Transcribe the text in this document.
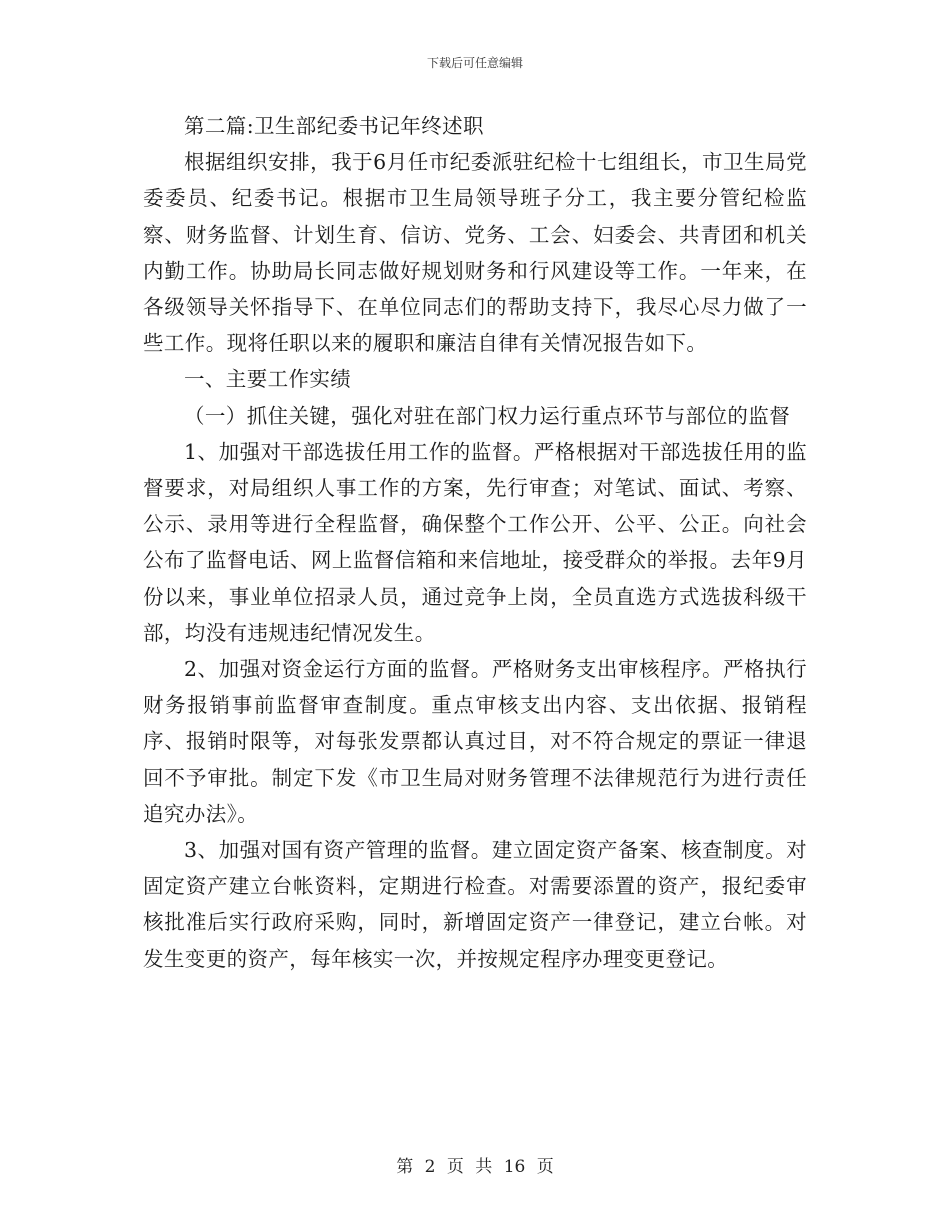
下载后可任意编辑

第二篇:卫生部纪委书记年终述职

根据组织安排，我于6月任市纪委派驻纪检十七组组长，市卫生局党委委员、纪委书记。根据市卫生局领导班子分工，我主要分管纪检监察、财务监督、计划生育、信访、党务、工会、妇委会、共青团和机关内勤工作。协助局长同志做好规划财务和行风建设等工作。一年来，在各级领导关怀指导下、在单位同志们的帮助支持下，我尽心尽力做了一些工作。现将任职以来的履职和廉洁自律有关情况报告如下。

一、主要工作实绩

（一）抓住关键，强化对驻在部门权力运行重点环节与部位的监督

1、加强对干部选拔任用工作的监督。严格根据对干部选拔任用的监督要求，对局组织人事工作的方案，先行审查；对笔试、面试、考察、公示、录用等进行全程监督，确保整个工作公开、公平、公正。向社会公布了监督电话、网上监督信箱和来信地址，接受群众的举报。去年9月份以来，事业单位招录人员，通过竞争上岗，全员直选方式选拔科级干部，均没有违规违纪情况发生。

2、加强对资金运行方面的监督。严格财务支出审核程序。严格执行财务报销事前监督审查制度。重点审核支出内容、支出依据、报销程序、报销时限等，对每张发票都认真过目，对不符合规定的票证一律退回不予审批。制定下发《市卫生局对财务管理不法律规范行为进行责任追究办法》。

3、加强对国有资产管理的监督。建立固定资产备案、核查制度。对固定资产建立台帐资料，定期进行检查。对需要添置的资产，报纪委审核批准后实行政府采购，同时，新增固定资产一律登记，建立台帐。对发生变更的资产，每年核实一次，并按规定程序办理变更登记。

第 2 页 共 16 页
